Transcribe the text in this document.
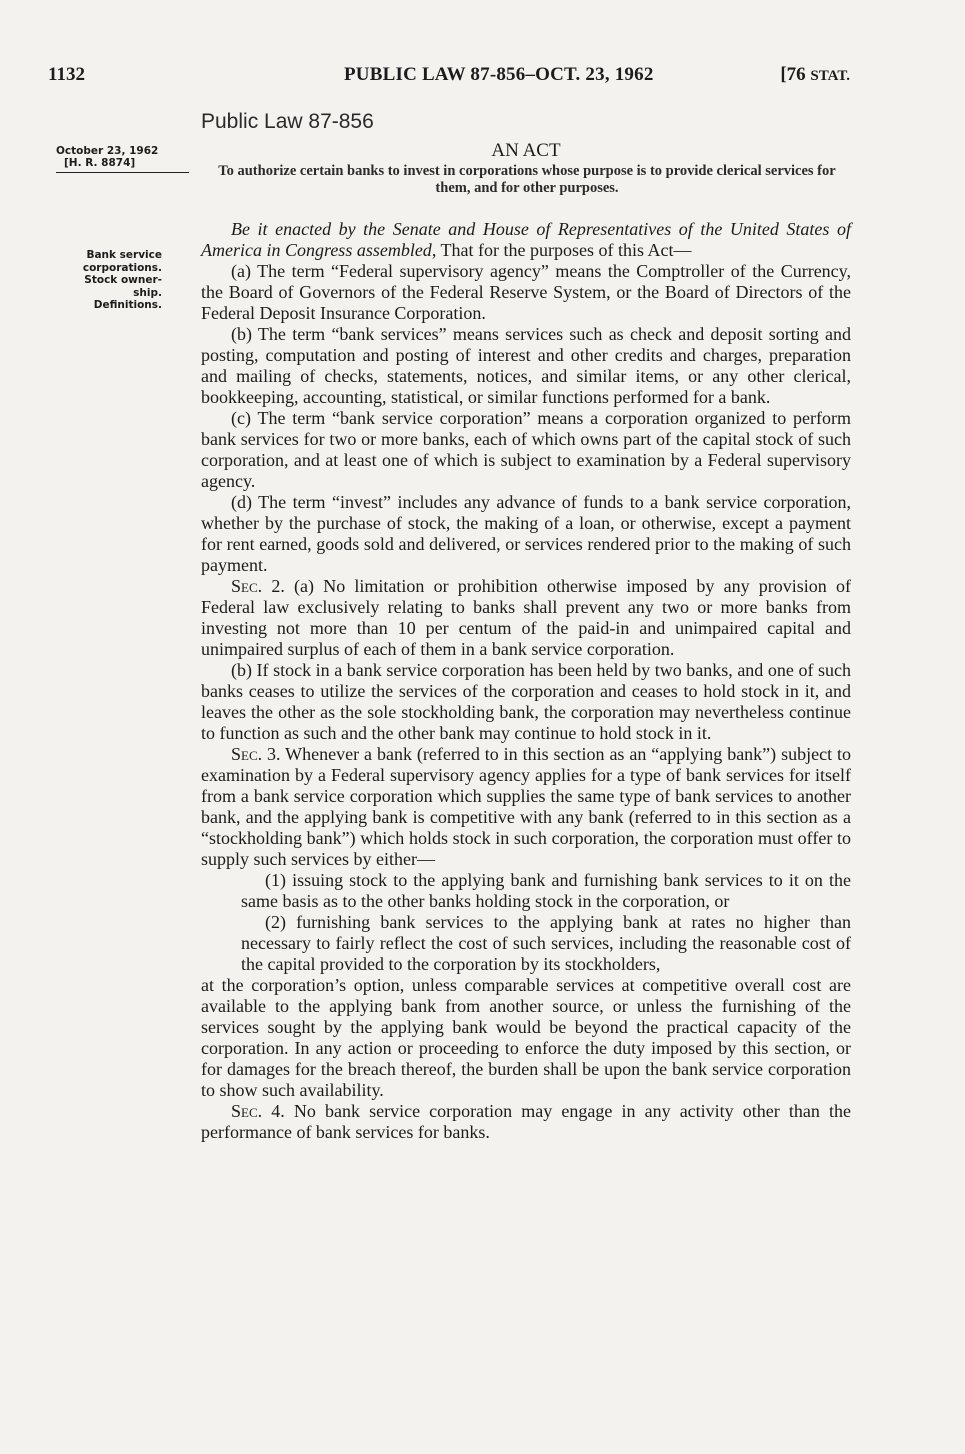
1132	PUBLIC LAW 87-856–OCT. 23, 1962	[76 STAT.
Public Law 87-856
October 23, 1962
[H. R. 8874]
AN ACT
To authorize certain banks to invest in corporations whose purpose is to provide clerical services for them, and for other purposes.
Bank service
corporations.
Stock owner-
ship.
Definitions.

Be it enacted by the Senate and House of Representatives of the United States of America in Congress assembled, That for the purposes of this Act—

(a) The term “Federal supervisory agency” means the Comptroller of the Currency, the Board of Governors of the Federal Reserve System, or the Board of Directors of the Federal Deposit Insurance Corporation.

(b) The term “bank services” means services such as check and deposit sorting and posting, computation and posting of interest and other credits and charges, preparation and mailing of checks, statements, notices, and similar items, or any other clerical, bookkeeping, accounting, statistical, or similar functions performed for a bank.

(c) The term “bank service corporation” means a corporation organized to perform bank services for two or more banks, each of which owns part of the capital stock of such corporation, and at least one of which is subject to examination by a Federal supervisory agency.

(d) The term “invest” includes any advance of funds to a bank service corporation, whether by the purchase of stock, the making of a loan, or otherwise, except a payment for rent earned, goods sold and delivered, or services rendered prior to the making of such payment.

Sec. 2. (a) No limitation or prohibition otherwise imposed by any provision of Federal law exclusively relating to banks shall prevent any two or more banks from investing not more than 10 per centum of the paid-in and unimpaired capital and unimpaired surplus of each of them in a bank service corporation.

(b) If stock in a bank service corporation has been held by two banks, and one of such banks ceases to utilize the services of the corporation and ceases to hold stock in it, and leaves the other as the sole stockholding bank, the corporation may nevertheless continue to function as such and the other bank may continue to hold stock in it.

Sec. 3. Whenever a bank (referred to in this section as an “applying bank”) subject to examination by a Federal supervisory agency applies for a type of bank services for itself from a bank service corporation which supplies the same type of bank services to another bank, and the applying bank is competitive with any bank (referred to in this section as a “stockholding bank”) which holds stock in such corporation, the corporation must offer to supply such services by either—

(1) issuing stock to the applying bank and furnishing bank services to it on the same basis as to the other banks holding stock in the corporation, or

(2) furnishing bank services to the applying bank at rates no higher than necessary to fairly reflect the cost of such services, including the reasonable cost of the capital provided to the corporation by its stockholders,

at the corporation’s option, unless comparable services at competitive overall cost are available to the applying bank from another source, or unless the furnishing of the services sought by the applying bank would be beyond the practical capacity of the corporation. In any action or proceeding to enforce the duty imposed by this section, or for damages for the breach thereof, the burden shall be upon the bank service corporation to show such availability.

Sec. 4. No bank service corporation may engage in any activity other than the performance of bank services for banks.
